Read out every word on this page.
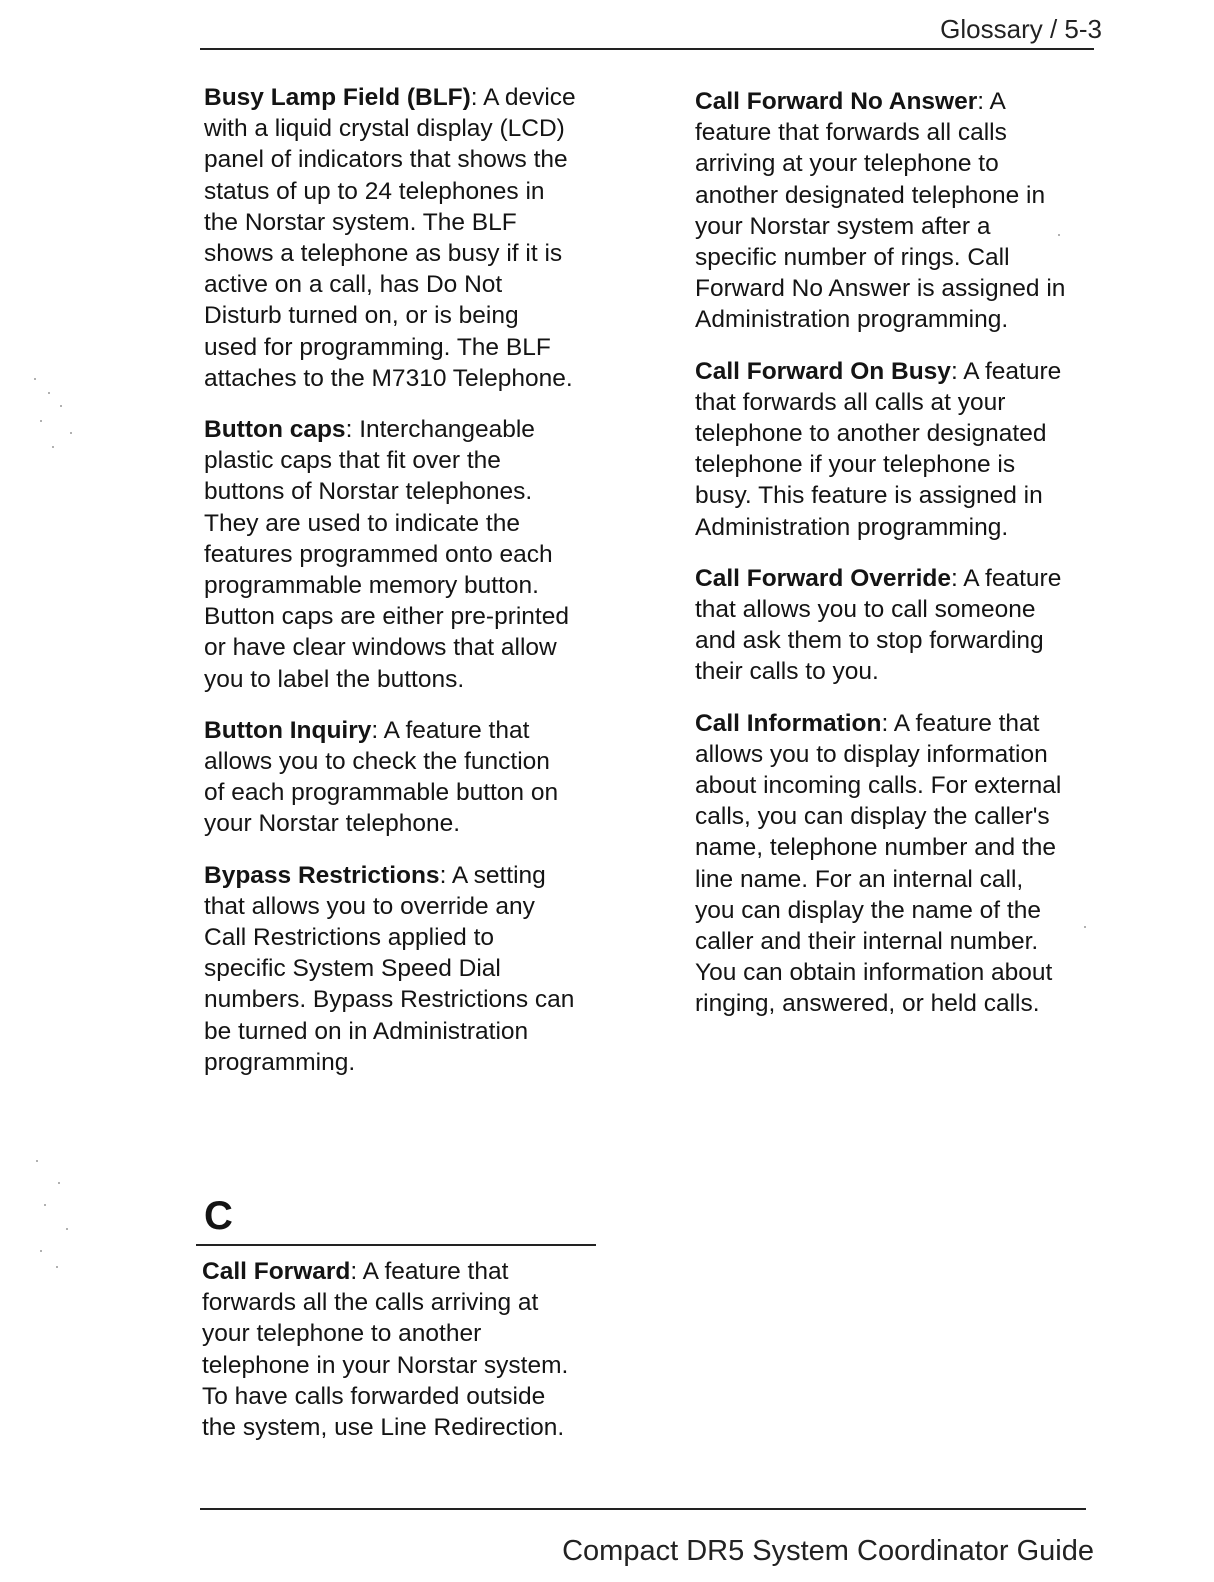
Glossary / 5-3

Busy Lamp Field (BLF): A device with a liquid crystal display (LCD) panel of indicators that shows the status of up to 24 telephones in the Norstar system. The BLF shows a telephone as busy if it is active on a call, has Do Not Disturb turned on, or is being used for programming. The BLF attaches to the M7310 Telephone.

Button caps: Interchangeable plastic caps that fit over the buttons of Norstar telephones. They are used to indicate the features programmed onto each programmable memory button. Button caps are either pre-printed or have clear windows that allow you to label the buttons.

Button Inquiry: A feature that allows you to check the function of each programmable button on your Norstar telephone.

Bypass Restrictions: A setting that allows you to override any Call Restrictions applied to specific System Speed Dial numbers. Bypass Restrictions can be turned on in Administration programming.

C

Call Forward: A feature that forwards all the calls arriving at your telephone to another telephone in your Norstar system. To have calls forwarded outside the system, use Line Redirection.

Call Forward No Answer: A feature that forwards all calls arriving at your telephone to another designated telephone in your Norstar system after a specific number of rings. Call Forward No Answer is assigned in Administration programming.

Call Forward On Busy: A feature that forwards all calls at your telephone to another designated telephone if your telephone is busy. This feature is assigned in Administration programming.

Call Forward Override: A feature that allows you to call someone and ask them to stop forwarding their calls to you.

Call Information: A feature that allows you to display information about incoming calls. For external calls, you can display the caller's name, telephone number and the line name. For an internal call, you can display the name of the caller and their internal number. You can obtain information about ringing, answered, or held calls.

Compact DR5 System Coordinator Guide
